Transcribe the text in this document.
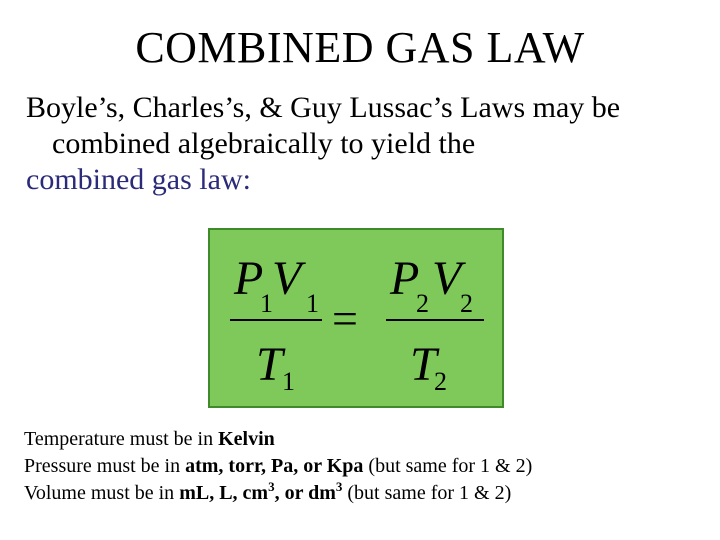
COMBINED GAS LAW
Boyle’s, Charles’s, & Guy Lussac’s Laws may be
combined algebraically to yield the
combined gas law:
P
1 V 1
T 1
=
P
2 V
2
T
2
Temperature must be in Kelvin
Pressure must be in atm, torr, Pa, or Kpa (but same for 1 & 2)
Volume must be in mL, L, $cm^3$, or $dm^3$ (but same for 1 & 2)
